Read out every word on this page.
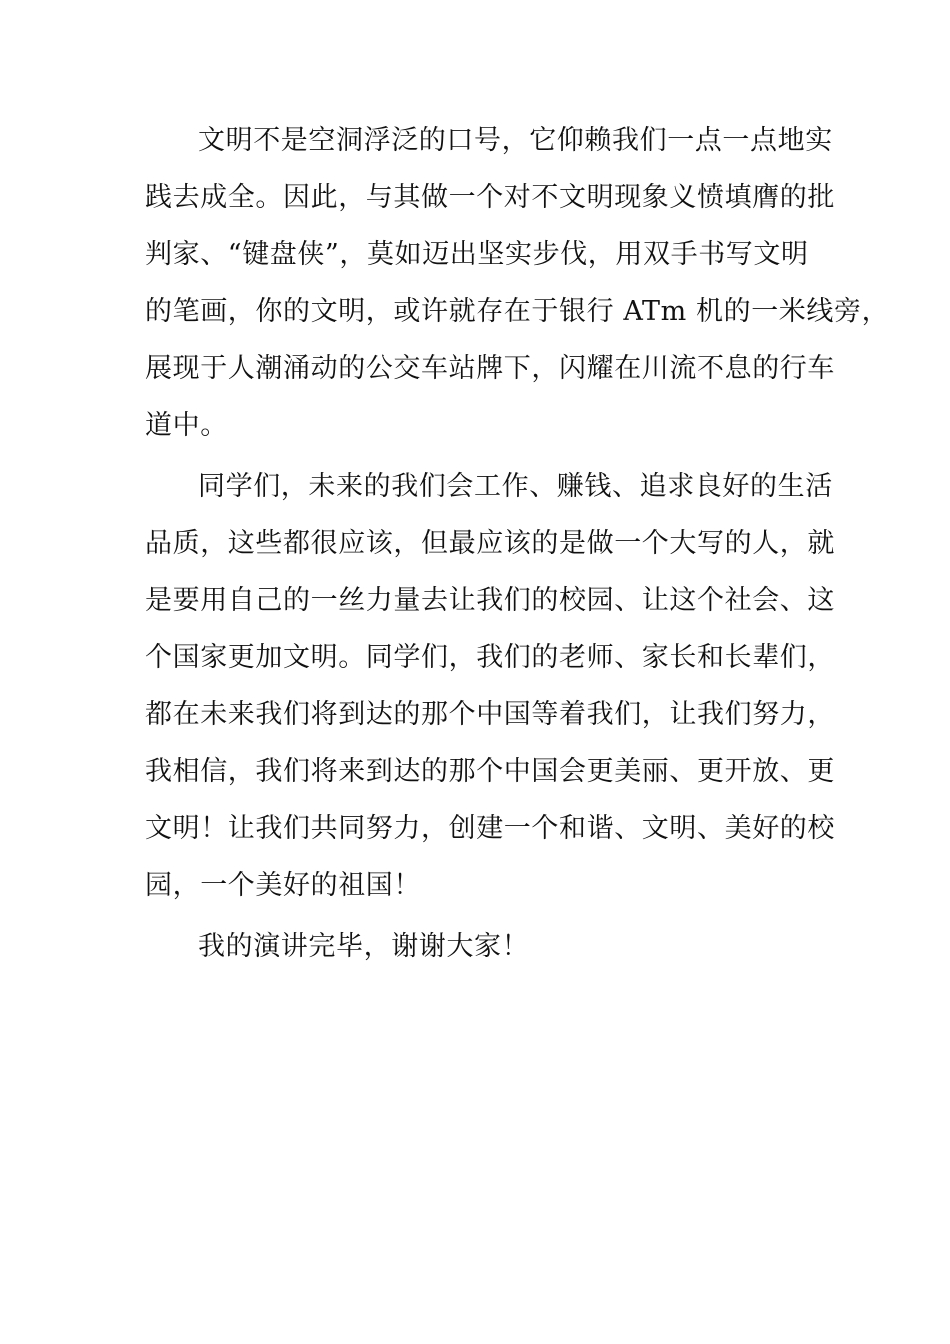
文明不是空洞浮泛的口号，它仰赖我们一点一点地实
践去成全。因此，与其做一个对不文明现象义愤填膺的批
判家、“键盘侠”，莫如迈出坚实步伐，用双手书写文明
的笔画，你的文明，或许就存在于银行 ATm 机的一米线旁，
展现于人潮涌动的公交车站牌下，闪耀在川流不息的行车
道中。
同学们，未来的我们会工作、赚钱、追求良好的生活
品质，这些都很应该，但最应该的是做一个大写的人，就
是要用自己的一丝力量去让我们的校园、让这个社会、这
个国家更加文明。同学们，我们的老师、家长和长辈们，
都在未来我们将到达的那个中国等着我们，让我们努力，
我相信，我们将来到达的那个中国会更美丽、更开放、更
文明！让我们共同努力，创建一个和谐、文明、美好的校
园，一个美好的祖国！
我的演讲完毕，谢谢大家！
